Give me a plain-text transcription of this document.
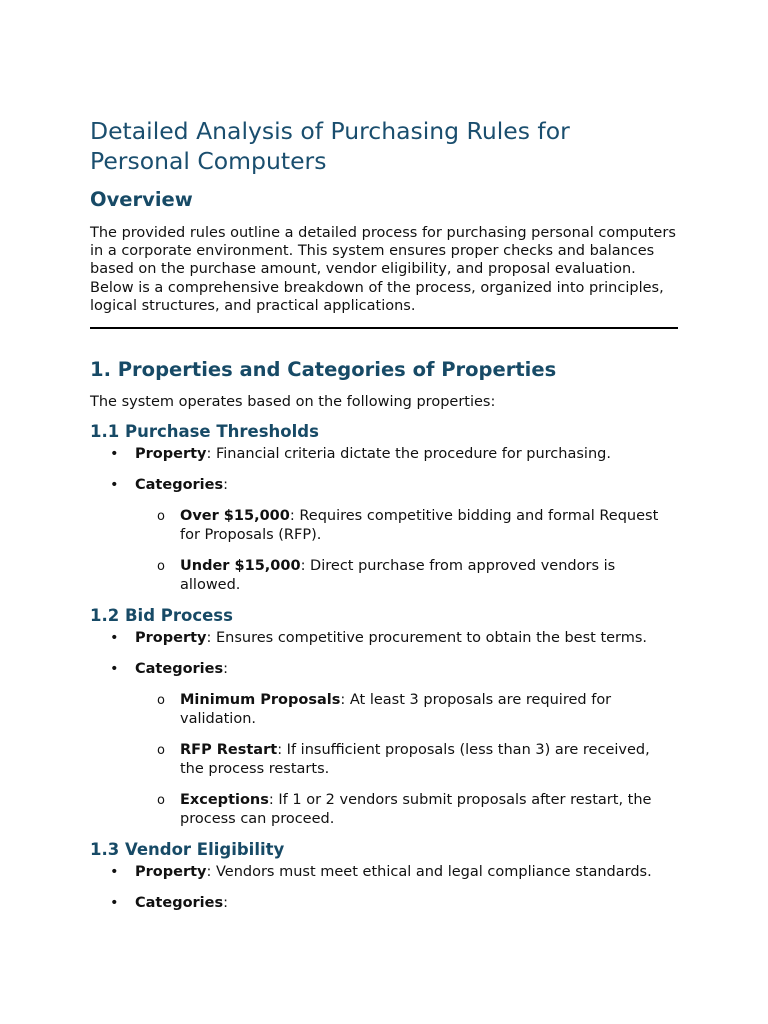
Detailed Analysis of Purchasing Rules for Personal Computers
Overview

The provided rules outline a detailed process for purchasing personal computers in a corporate environment. This system ensures proper checks and balances based on the purchase amount, vendor eligibility, and proposal evaluation. Below is a comprehensive breakdown of the process, organized into principles, logical structures, and practical applications.

1. Properties and Categories of Properties

The system operates based on the following properties:

1.1 Purchase Thresholds
• Property: Financial criteria dictate the procedure for purchasing.
• Categories:
o Over $15,000: Requires competitive bidding and formal Request for Proposals (RFP).
o Under $15,000: Direct purchase from approved vendors is allowed.
1.2 Bid Process
• Property: Ensures competitive procurement to obtain the best terms.
• Categories:
o Minimum Proposals: At least 3 proposals are required for validation.
o RFP Restart: If insufficient proposals (less than 3) are received, the process restarts.
o Exceptions: If 1 or 2 vendors submit proposals after restart, the process can proceed.
1.3 Vendor Eligibility
• Property: Vendors must meet ethical and legal compliance standards.
• Categories:
